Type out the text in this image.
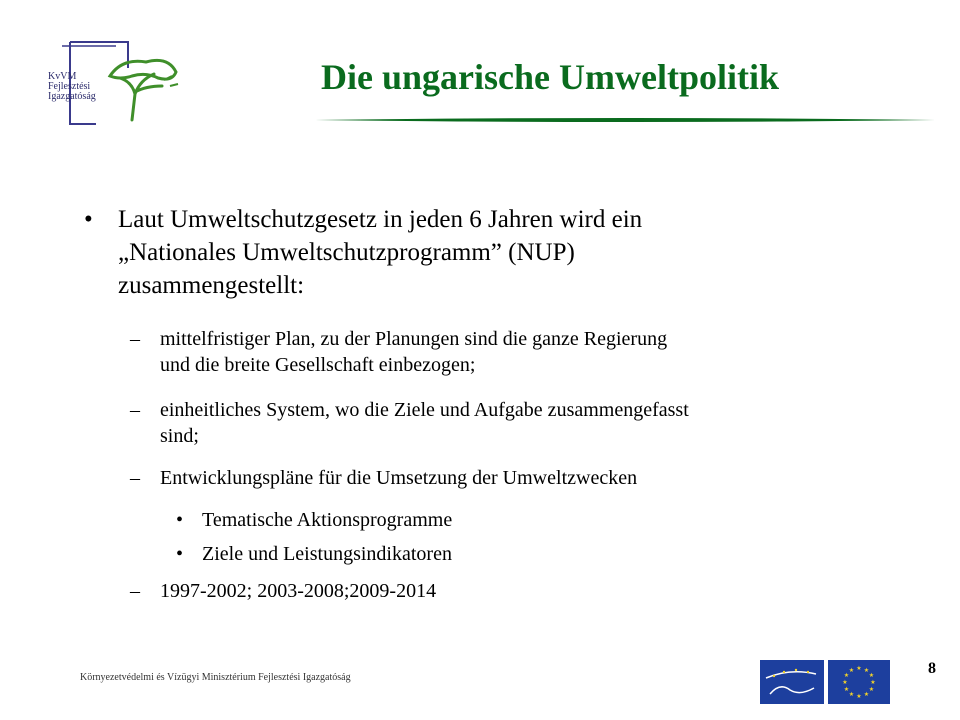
KvVM
Fejlesztési
Igazgatóság	Die ungarische Umweltpolitik
• Laut Umweltschutzgesetz in jeden 6 Jahren wird ein
„Nationales Umweltschutzprogramm” (NUP)
zusammengestellt:
– mittelfristiger Plan, zu der Planungen sind die ganze Regierung
und die breite Gesellschaft einbezogen;
– einheitliches System, wo die Ziele und Aufgabe zusammengefasst
sind;
– Entwicklungspläne für die Umsetzung der Umweltzwecken
• Tematische Aktionsprogramme
• Ziele und Leistungsindikatoren
– 1997-2002; 2003-2008;2009-2014
Környezetvédelmi és Vízügyi Minisztérium Fejlesztési Igazgatóság
★ ★
★
★
★
★
★
★
★
★
★
★	8
